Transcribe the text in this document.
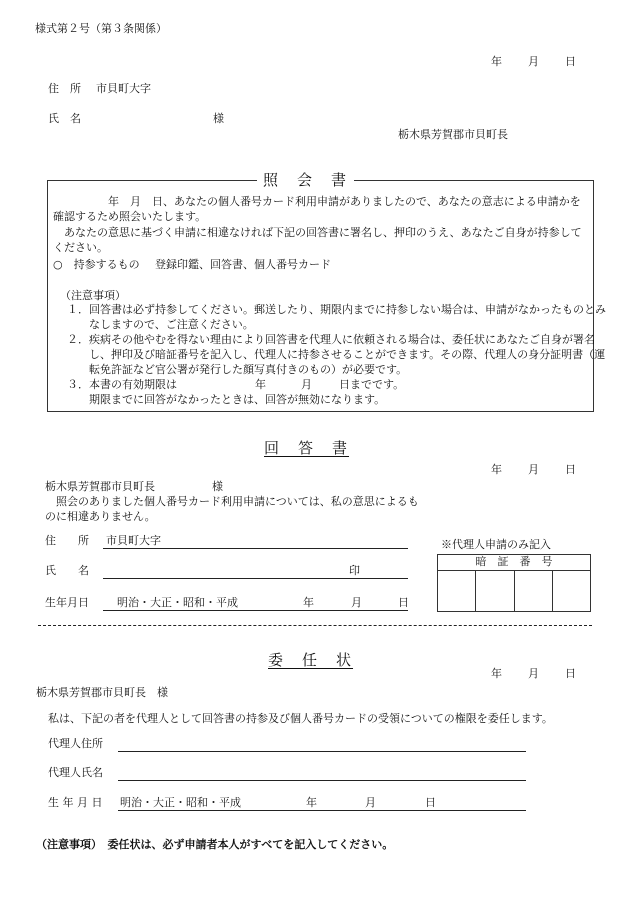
様式第２号（第３条関係）
年 月 日
住　所 市貝町大字
氏　名	様
栃木県芳賀郡市貝町長
照　会　書
　　　　　年　月　日、あなたの個人番号カード利用申請がありましたので、あなたの意志による申請かを確認するため照会いたします。
　あなたの意思に基づく申請に相違なければ下記の回答書に署名し、押印のうえ、あなたご自身が持参してください。
○　持参するもの 登録印鑑、回答書、個人番号カード
（注意事項）
１．回答書は必ず持参してください。郵送したり、期限内までに持参しない場合は、申請がなかったものとみなしますので、ご注意ください。
２．疾病その他やむを得ない理由により回答書を代理人に依頼される場合は、委任状にあなたご自身が署名し、押印及び暗証番号を記入し、代理人に持参させることができます。その際、代理人の身分証明書（運転免許証など官公署が発行した顔写真付きのもの）が必要です。
３．本書の有効期限は	年	月 日までです。
期限までに回答がなかったときは、回答が無効になります。
回　答　書
年 月 日
栃木県芳賀郡市貝町長	様
照会のありました個人番号カード利用申請については、私の意思によるものに相違ありません。
住　　所 市貝町大字
氏　　名	印
生年月日	明治・大正・昭和・平成	年	月	日
※代理人申請のみ記入
暗　証　番　号

委　任　状
年 月 日
栃木県芳賀郡市貝町長　様
私は、下記の者を代理人として回答書の持参及び個人番号カードの受領についての権限を委任します。
代理人住所
代理人氏名
生 年 月 日 明治・大正・昭和・平成	年	月	日
（注意事項）　委任状は、必ず申請者本人がすべてを記入してください。
